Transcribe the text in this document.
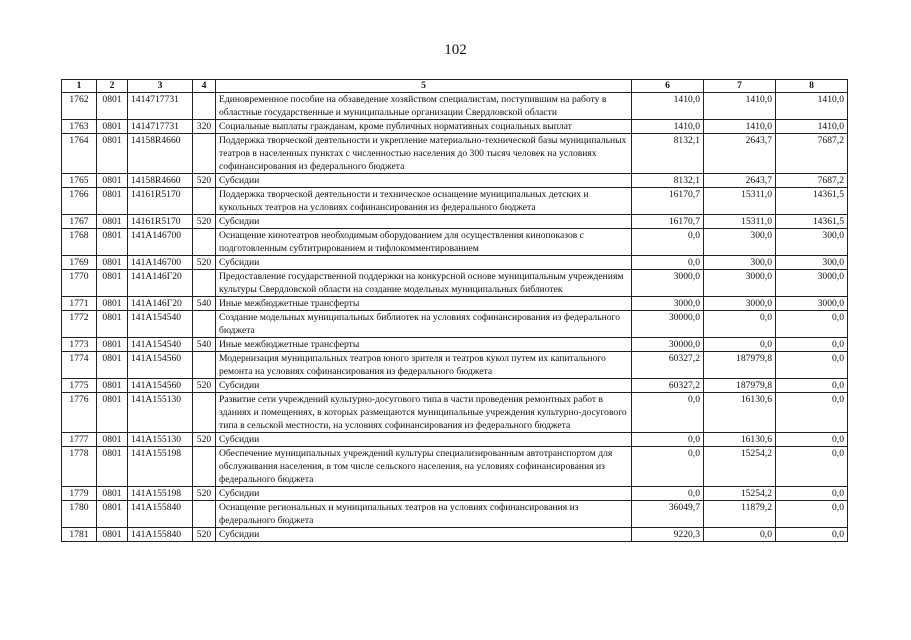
102
1	2	3	4	5	6	7	8
1762	0801	1414717731		Единовременное пособие на обзаведение хозяйством специалистам, поступившим на работу в областные государственные и муниципальные организации Свердловской области	1410,0	1410,0	1410,0
1763	0801	1414717731	320	Социальные выплаты гражданам, кроме публичных нормативных социальных выплат	1410,0	1410,0	1410,0
1764	0801	14158R4660		Поддержка творческой деятельности и укрепление материально-технической базы муниципальных театров в населенных пунктах с численностью населения до 300 тысяч человек на условиях софинансирования из федерального бюджета	8132,1	2643,7	7687,2
1765	0801	14158R4660	520	Субсидии	8132,1	2643,7	7687,2
1766	0801	14161R5170		Поддержка творческой деятельности и техническое оснащение муниципальных детских и кукольных театров на условиях софинансирования из федерального бюджета	16170,7	15311,0	14361,5
1767	0801	14161R5170	520	Субсидии	16170,7	15311,0	14361,5
1768	0801	141A146700		Оснащение кинотеатров необходимым оборудованием для осуществления кинопоказов с подготовленным субтитрированием и тифлокомментированием	0,0	300,0	300,0
1769	0801	141A146700	520	Субсидии	0,0	300,0	300,0
1770	0801	141A146Г20		Предоставление государственной поддержки на конкурсной основе муниципальным учреждениям культуры Свердловской области на создание модельных муниципальных библиотек	3000,0	3000,0	3000,0
1771	0801	141A146Г20	540	Иные межбюджетные трансферты	3000,0	3000,0	3000,0
1772	0801	141A154540		Создание модельных муниципальных библиотек на условиях софинансирования из федерального бюджета	30000,0	0,0	0,0
1773	0801	141A154540	540	Иные межбюджетные трансферты	30000,0	0,0	0,0
1774	0801	141A154560		Модернизация муниципальных театров юного зрителя и театров кукол путем их капитального ремонта на условиях софинансирования из федерального бюджета	60327,2	187979,8	0,0
1775	0801	141A154560	520	Субсидии	60327,2	187979,8	0,0
1776	0801	141A155130		Развитие сети учреждений культурно-досугового типа в части проведения ремонтных работ в зданиях и помещениях, в которых размещаются муниципальные учреждения культурно-досугового типа в сельской местности, на условиях софинансирования из федерального бюджета	0,0	16130,6	0,0
1777	0801	141A155130	520	Субсидии	0,0	16130,6	0,0
1778	0801	141A155198		Обеспечение муниципальных учреждений культуры специализированным автотранспортом для обслуживания населения, в том числе сельского населения, на условиях софинансирования из федерального бюджета	0,0	15254,2	0,0
1779	0801	141A155198	520	Субсидии	0,0	15254,2	0,0
1780	0801	141A155840		Оснащение региональных и муниципальных театров на условиях софинансирования из федерального бюджета	36049,7	11879,2	0,0
1781	0801	141A155840	520	Субсидии	9220,3	0,0	0,0
